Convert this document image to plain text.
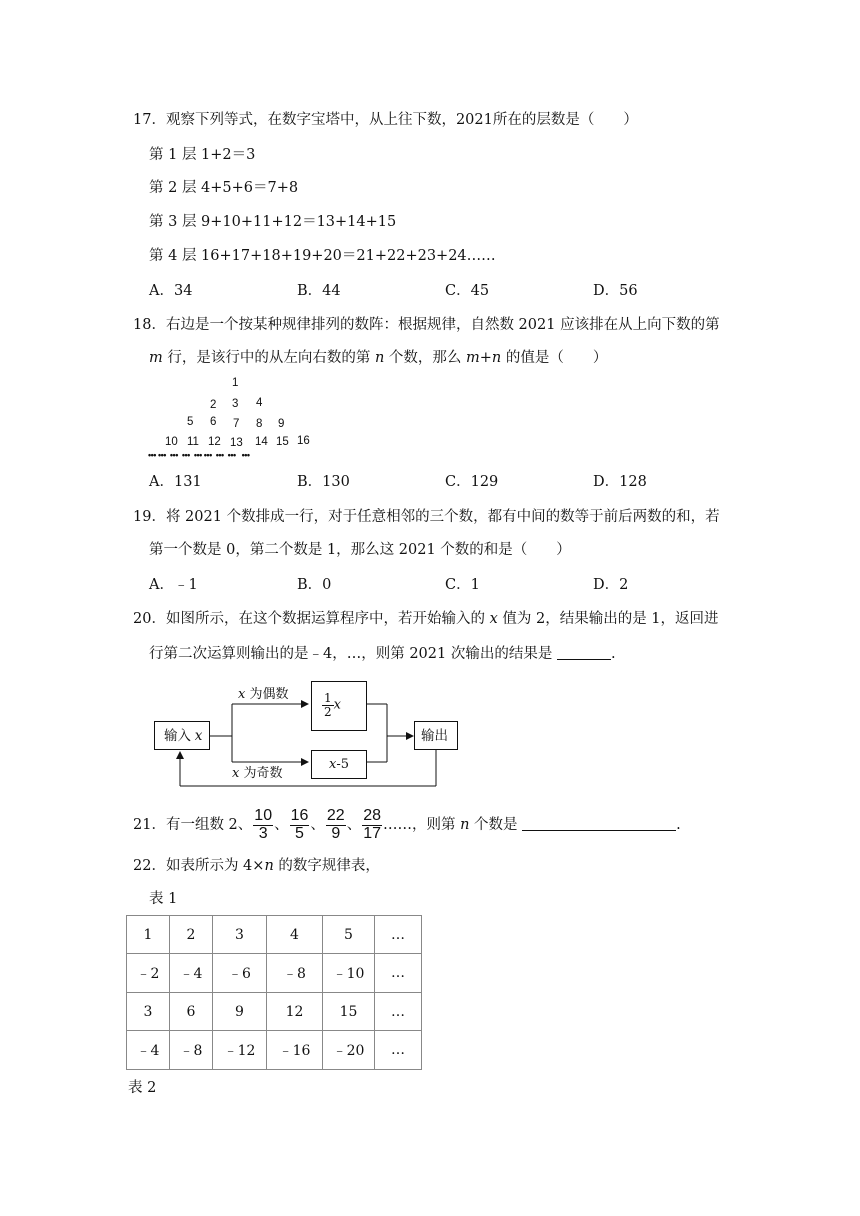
17．观察下列等式，在数字宝塔中，从上往下数，2021所在的层数是（　　）
第 1 层 1+2＝3
第 2 层 4+5+6＝7+8
第 3 层 9+10+11+12＝13+14+15
第 4 层 16+17+18+19+20＝21+22+23+24……
A．34	B．44	C．45	D．56
18．右边是一个按某种规律排列的数阵：根据规律，自然数 2021 应该排在从上向下数的第
m 行，是该行中的从左向右数的第 n 个数，那么 m+n 的值是（　　）
1
2 3 4
5 6 7 8 9
10 11 12 13 14 15 16
••• •••  •••  •••  ••• •••  •••  •••   •••
A．131	B．130	C．129	D．128
19．将 2021 个数排成一行，对于任意相邻的三个数，都有中间的数等于前后两数的和，若
第一个数是 0，第二个数是 1，那么这 2021 个数的和是（　　）
A．﹣1	B．0	C．1	D．2
20．如图所示，在这个数据运算程序中，若开始输入的 x 值为 2，结果输出的是 1，返回进
行第二次运算则输出的是﹣4，…，则第 2021 次输出的结果是	.
输入 x
x 为偶数
x 为奇数
$\frac{1}{2}$ x
x-5
输出
21．有一组数 2、 $\frac{10}{3}$ 、 $\frac{16}{5}$ 、 $\frac{22}{9}$ 、 $\frac{28}{17}$ ……，则第 n 个数是	.
22．如表所示为 4×n 的数字规律表，
表 1
1	2	3	4	5	…
﹣2	﹣4	﹣6	﹣8	﹣10	…
3	6	9	12	15	…
﹣4	﹣8	﹣12	﹣16	﹣20	…
表 2
